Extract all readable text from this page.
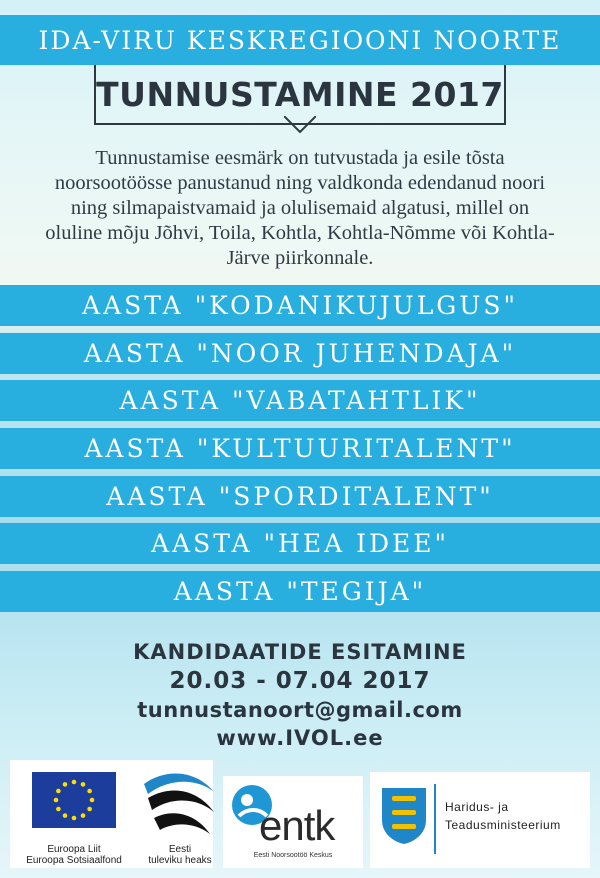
IDA-VIRU KESKREGIOONI NOORTE
TUNNUSTAMINE 2017
Tunnustamise eesmärk on tutvustada ja esile tõsta noorsootöösse panustanud ning valdkonda edendanud noori ning silmapaistvamaid ja olulisemaid algatusi, millel on oluline mõju Jõhvi, Toila, Kohtla, Kohtla-Nõmme või Kohtla-Järve piirkonnale.
AASTA "KODANIKUJULGUS"
AASTA "NOOR JUHENDAJA"
AASTA "VABATAHTLIK"
AASTA "KULTUURITALENT"
AASTA "SPORDITALENT"
AASTA "HEA IDEE"
AASTA "TEGIJA"
KANDIDAATIDE ESITAMINE
20.03 - 07.04 2017
tunnustanoort@gmail.com
www.IVOL.ee
Euroopa Liit
Euroopa Sotsiaalfond
Eesti
tuleviku heaks
entk
Eesti Noorsootöö Keskus
Haridus- ja
Teadusministeerium
